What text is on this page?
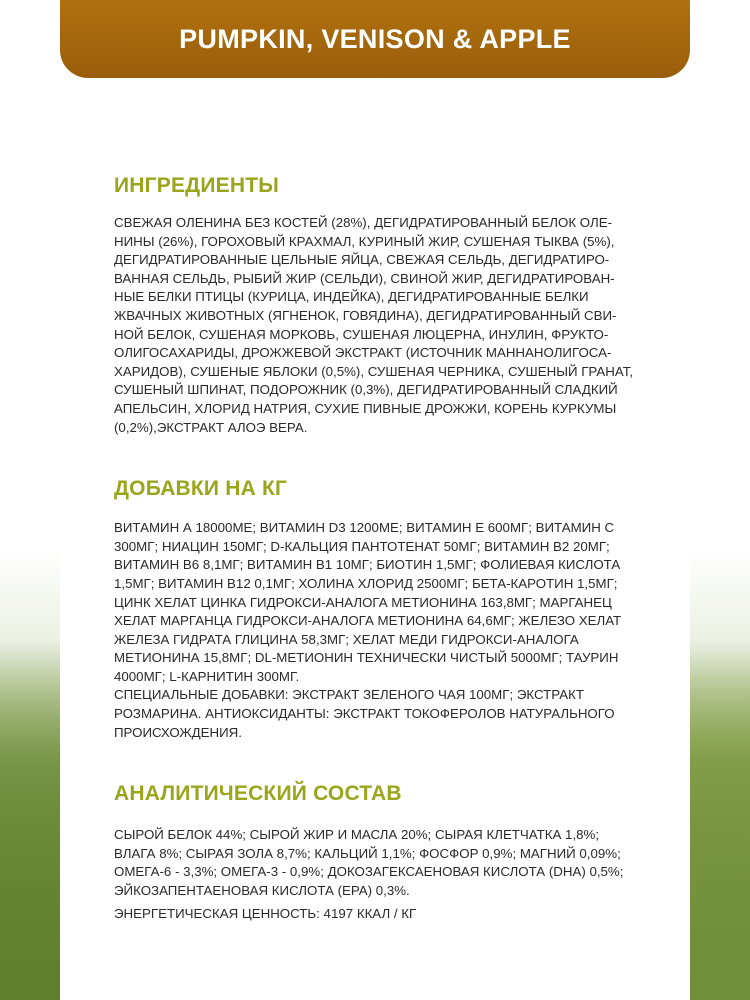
PUMPKIN, VENISON & APPLE
ИНГРЕДИЕНТЫ

СВЕЖАЯ ОЛЕНИНА БЕЗ КОСТЕЙ (28%), ДЕГИДРАТИРОВАННЫЙ БЕЛОК ОЛЕ-
НИНЫ (26%), ГОРОХОВЫЙ КРАХМАЛ, КУРИНЫЙ ЖИР, СУШЕНАЯ ТЫКВА (5%),
ДЕГИДРАТИРОВАННЫЕ ЦЕЛЬНЫЕ ЯЙЦА, СВЕЖАЯ СЕЛЬДЬ, ДЕГИДРАТИРО-
ВАННАЯ СЕЛЬДЬ, РЫБИЙ ЖИР (СЕЛЬДИ), СВИНОЙ ЖИР, ДЕГИДРАТИРОВАН-
НЫЕ БЕЛКИ ПТИЦЫ (КУРИЦА, ИНДЕЙКА), ДЕГИДРАТИРОВАННЫЕ БЕЛКИ
ЖВАЧНЫХ ЖИВОТНЫХ (ЯГНЕНОК, ГОВЯДИНА), ДЕГИДРАТИРОВАННЫЙ СВИ-
НОЙ БЕЛОК, СУШЕНАЯ МОРКОВЬ, СУШЕНАЯ ЛЮЦЕРНА, ИНУЛИН, ФРУКТО-
ОЛИГОСАХАРИДЫ, ДРОЖЖЕВОЙ ЭКСТРАКТ (ИСТОЧНИК МАННАНОЛИГОСА-
ХАРИДОВ), СУШЕНЫЕ ЯБЛОКИ (0,5%), СУШЕНАЯ ЧЕРНИКА, СУШЕНЫЙ ГРАНАТ,
СУШЕНЫЙ ШПИНАТ, ПОДОРОЖНИК (0,3%), ДЕГИДРАТИРОВАННЫЙ СЛАДКИЙ
АПЕЛЬСИН, ХЛОРИД НАТРИЯ, СУХИЕ ПИВНЫЕ ДРОЖЖИ, КОРЕНЬ КУРКУМЫ
(0,2%),ЭКСТРАКТ АЛОЭ ВЕРА.

ДОБАВКИ НА КГ

ВИТАМИН А 18000МЕ; ВИТАМИН D3 1200МЕ; ВИТАМИН Е 600МГ; ВИТАМИН С
300МГ; НИАЦИН 150МГ; D-КАЛЬЦИЯ ПАНТОТЕНАТ 50МГ; ВИТАМИН В2 20МГ;
ВИТАМИН В6 8,1МГ; ВИТАМИН В1 10МГ; БИОТИН 1,5МГ; ФОЛИЕВАЯ КИСЛОТА
1,5МГ; ВИТАМИН В12 0,1МГ; ХОЛИНА ХЛОРИД 2500МГ; БЕТА-КАРОТИН 1,5МГ;
ЦИНК ХЕЛАТ ЦИНКА ГИДРОКСИ-АНАЛОГА МЕТИОНИНА 163,8МГ; МАРГАНЕЦ
ХЕЛАТ МАРГАНЦА ГИДРОКСИ-АНАЛОГА МЕТИОНИНА 64,6МГ; ЖЕЛЕЗО ХЕЛАТ
ЖЕЛЕЗА ГИДРАТА ГЛИЦИНА 58,3МГ; ХЕЛАТ МЕДИ ГИДРОКСИ-АНАЛОГА
МЕТИОНИНА 15,8МГ; DL-МЕТИОНИН ТЕХНИЧЕСКИ ЧИСТЫЙ 5000МГ; ТАУРИН
4000МГ; L-КАРНИТИН 300МГ.
СПЕЦИАЛЬНЫЕ ДОБАВКИ: ЭКСТРАКТ ЗЕЛЕНОГО ЧАЯ 100МГ; ЭКСТРАКТ
РОЗМАРИНА. АНТИОКСИДАНТЫ: ЭКСТРАКТ ТОКОФЕРОЛОВ НАТУРАЛЬНОГО
ПРОИСХОЖДЕНИЯ.

АНАЛИТИЧЕСКИЙ СОСТАВ

СЫРОЙ БЕЛОК 44%; СЫРОЙ ЖИР И МАСЛА 20%; СЫРАЯ КЛЕТЧАТКА 1,8%;
ВЛАГА 8%; СЫРАЯ ЗОЛА 8,7%; КАЛЬЦИЙ 1,1%; ФОСФОР 0,9%; МАГНИЙ 0,09%;
ОМЕГА-6 - 3,3%; ОМЕГА-3 - 0,9%; ДОКОЗАГЕКСАЕНОВАЯ КИСЛОТА (DHA) 0,5%;
ЭЙКОЗАПЕНТАЕНОВАЯ КИСЛОТА (EPA) 0,3%.

ЭНЕРГЕТИЧЕСКАЯ ЦЕННОСТЬ: 4197 ККАЛ / КГ
